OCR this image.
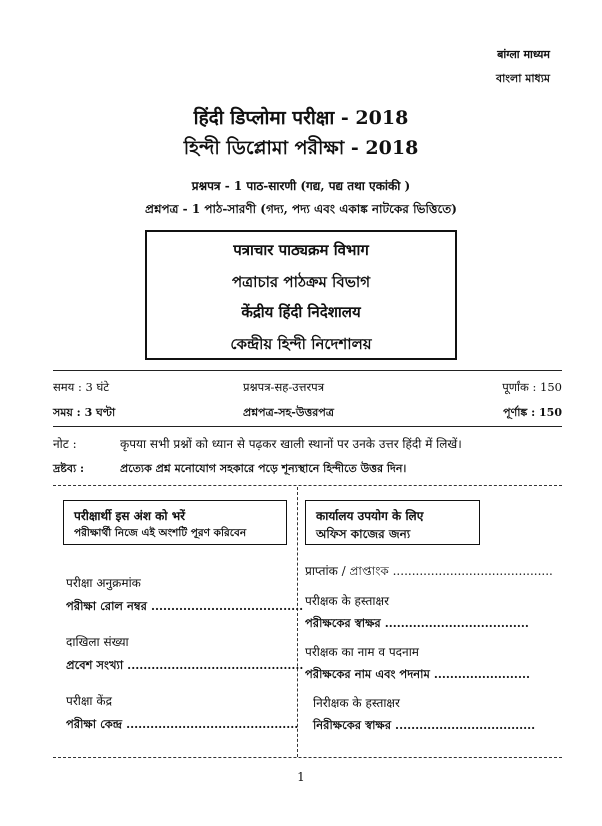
बांग्ला माध्यम
বাংলা মাধ্যম
हिंदी डिप्लोमा परीक्षा - 2018
হিন্দী ডিপ্লোমা পরীক্ষা - 2018
प्रश्नपत्र - 1 पाठ-सारणी (गद्य, पद्य तथा एकांकी )
প্রশ্নপত্র - 1 পাঠ-সারণী (গদ্য, পদ্য এবং একাঙ্ক নাটকের ভিত্তিতে)
पत्राचार पाठ्यक्रम विभाग
পত্রাচার পাঠক্রম বিভাগ
केंद्रीय हिंदी निदेशालय
কেন্দ্রীয় হিন্দী নিদেশালয়
समय : 3 घंटे	प्रश्नपत्र-सह-उत्तरपत्र	पूर्णांक : 150
সময় : 3 ঘণ্টা	প্রশ্নপত্র-সহ-উত্তরপত্র	পূর্ণাঙ্ক : 150
नोट :	कृपया सभी प्रश्नों को ध्यान से पढ़कर खाली स्थानों पर उनके उत्तर हिंदी में लिखें।
দ্রষ্টব্য :	প্রত্যেক প্রশ্ন মনোযোগ সহকারে পড়ে শূন্যস্থানে হিন্দীতে উত্তর দিন।
परीक्षार्थी इस अंश को भरें
পরীক্ষার্থী নিজে এই অংশটি পূরণ করিবেন
परीक्षा अनुक्रमांक
পরীক্ষা রোল নম্বর ......................................
दाखिला संख्या
প্রবেশ সংখ্যা ............................................
परीक्षा केंद्र
পরীক্ষা কেন্দ্র ...........................................
कार्यालय उपयोग के लिए
অফিস কাজের জন্য
प्राप्तांक / প্রাপ্তাংক ..........................................
परीक्षक के हस्ताक्षर
পরীক্ষকের স্বাক্ষর ....................................
परीक्षक का नाम व पदनाम
পরীক্ষকের নাম এবং পদনাম ........................
निरीक्षक के हस्ताक्षर
নিরীক্ষকের স্বাক্ষর ...................................
1
